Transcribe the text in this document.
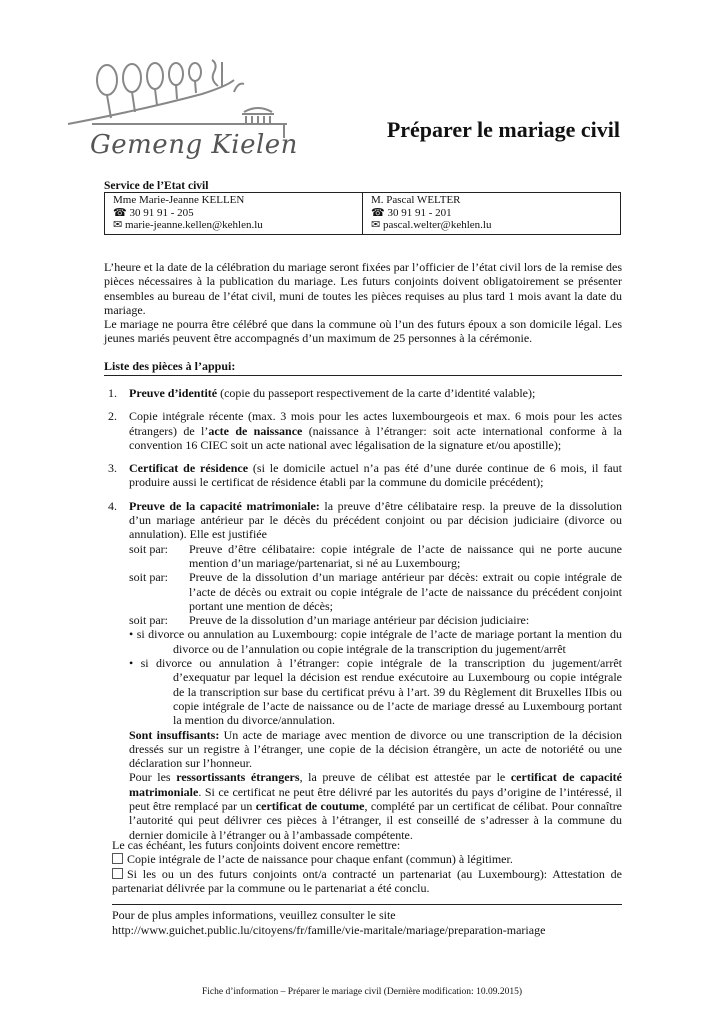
Gemeng Kielen
Préparer le mariage civil
Service de l’Etat civil
Mme Marie-Jeanne KELLEN
☎ 30 91 91 - 205
✉ marie-jeanne.kellen@kehlen.lu

M. Pascal WELTER
☎ 30 91 91 - 201
✉ pascal.welter@kehlen.lu

L’heure et la date de la célébration du mariage seront fixées par l’officier de l’état civil lors de la remise des pièces nécessaires à la publication du mariage. Les futurs conjoints doivent obligatoirement se présenter ensembles au bureau de l’état civil, muni de toutes les pièces requises au plus tard 1 mois avant la date du mariage.

Le mariage ne pourra être célébré que dans la commune où l’un des futurs époux a son domicile légal. Les jeunes mariés peuvent être accompagnés d’un maximum de 25 personnes à la cérémonie.

Liste des pièces à l’appui:
1. Preuve d’identité (copie du passeport respectivement de la carte d’identité valable);
2. Copie intégrale récente (max. 3 mois pour les actes luxembourgeois et max. 6 mois pour les actes étrangers) de l’acte de naissance (naissance à l’étranger: soit acte international conforme à la convention 16 CIEC soit un acte national avec légalisation de la signature et/ou apostille);
3. Certificat de résidence (si le domicile actuel n’a pas été d’une durée continue de 6 mois, il faut produire aussi le certificat de résidence établi par la commune du domicile précédent);
4. Preuve de la capacité matrimoniale: la preuve d’être célibataire resp. la preuve de la dissolution d’un mariage antérieur par le décès du précédent conjoint ou par décision judiciaire (divorce ou annulation). Elle est justifiée
soit par:	Preuve d’être célibataire: copie intégrale de l’acte de naissance qui ne porte aucune mention d’un mariage/partenariat, si né au Luxembourg;
soit par:	Preuve de la dissolution d’un mariage antérieur par décès: extrait ou copie intégrale de l’acte de décès ou extrait ou copie intégrale de l’acte de naissance du précédent conjoint portant une mention de décès;
soit par:	Preuve de la dissolution d’un mariage antérieur par décision judiciaire:
• si divorce ou annulation au Luxembourg: copie intégrale de l’acte de mariage portant la mention du divorce ou de l’annulation ou copie intégrale de la transcription du jugement/arrêt
• si divorce ou annulation à l’étranger: copie intégrale de la transcription du jugement/arrêt d’exequatur par lequel la décision est rendue exécutoire au Luxembourg ou copie intégrale de la transcription sur base du certificat prévu à l’art. 39 du Règlement dit Bruxelles IIbis ou copie intégrale de l’acte de naissance ou de l’acte de mariage dressé au Luxembourg portant la mention du divorce/annulation.
Sont insuffisants: Un acte de mariage avec mention de divorce ou une transcription de la décision dressés sur un registre à l’étranger, une copie de la décision étrangère, un acte de notoriété ou une déclaration sur l’honneur.
Pour les ressortissants étrangers, la preuve de célibat est attestée par le certificat de capacité matrimoniale. Si ce certificat ne peut être délivré par les autorités du pays d’origine de l’intéressé, il peut être remplacé par un certificat de coutume, complété par un certificat de célibat. Pour connaître l’autorité qui peut délivrer ces pièces à l’étranger, il est conseillé de s’adresser à la commune du dernier domicile à l’étranger ou à l’ambassade compétente.

Le cas échéant, les futurs conjoints doivent encore remettre:

Copie intégrale de l’acte de naissance pour chaque enfant (commun) à légitimer.

Si les ou un des futurs conjoints ont/a contracté un partenariat (au Luxembourg): Attestation de partenariat délivrée par la commune ou le partenariat a été conclu.

Pour de plus amples informations, veuillez consulter le site
http://www.guichet.public.lu/citoyens/fr/famille/vie-maritale/mariage/preparation-mariage
Fiche d’information – Préparer le mariage civil (Dernière modification: 10.09.2015)
